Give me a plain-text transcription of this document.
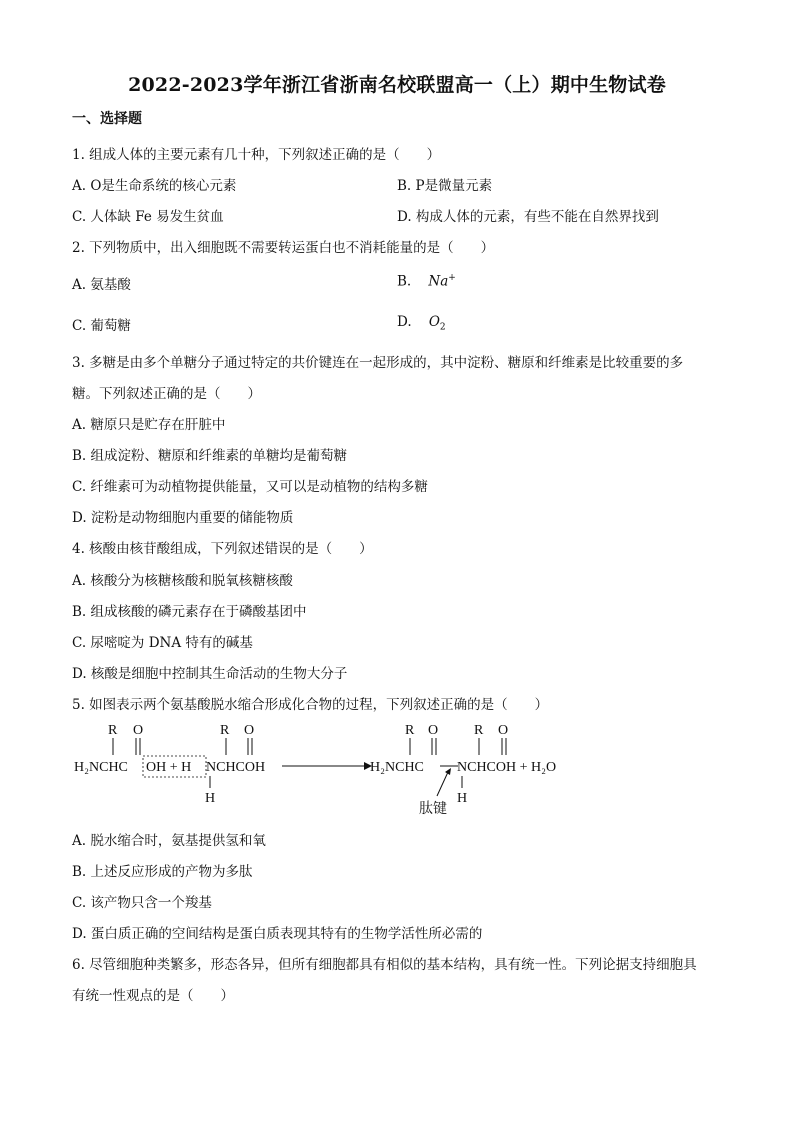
2022-2023学年浙江省浙南名校联盟高一（上）期中生物试卷
一、选择题
1. 组成人体的主要元素有几十种，下列叙述正确的是（　　）
A. O是生命系统的核心元素	B. P是微量元素
C. 人体缺 Fe 易发生贫血	D. 构成人体的元素，有些不能在自然界找到
2. 下列物质中，出入细胞既不需要转运蛋白也不消耗能量的是（　　）
A. 氨基酸	B. Na+
C. 葡萄糖	D. $O_2$
3. 多糖是由多个单糖分子通过特定的共价键连在一起形成的，其中淀粉、糖原和纤维素是比较重要的多
糖。下列叙述正确的是（　　）
A. 糖原只是贮存在肝脏中
B. 组成淀粉、糖原和纤维素的单糖均是葡萄糖
C. 纤维素可为动植物提供能量，又可以是动植物的结构多糖
D. 淀粉是动物细胞内重要的储能物质
4. 核酸由核苷酸组成，下列叙述错误的是（　　）
A. 核酸分为核糖核酸和脱氧核糖核酸
B. 组成核酸的磷元素存在于磷酸基团中
C. 尿嘧啶为 DNA 特有的碱基
D. 核酸是细胞中控制其生命活动的生物大分子
5. 如图表示两个氨基酸脱水缩合形成化合物的过程，下列叙述正确的是（　　）
R O
H₂NCHC OH + H
R O
NCHCOH
H
R O
H₂NCHC
R O
NCHCOH + H₂O
H
肽键
A. 脱水缩合时，氨基提供氢和氧
B. 上述反应形成的产物为多肽
C. 该产物只含一个羧基
D. 蛋白质正确的空间结构是蛋白质表现其特有的生物学活性所必需的
6. 尽管细胞种类繁多，形态各异，但所有细胞都具有相似的基本结构，具有统一性。下列论据支持细胞具
有统一性观点的是（　　）
